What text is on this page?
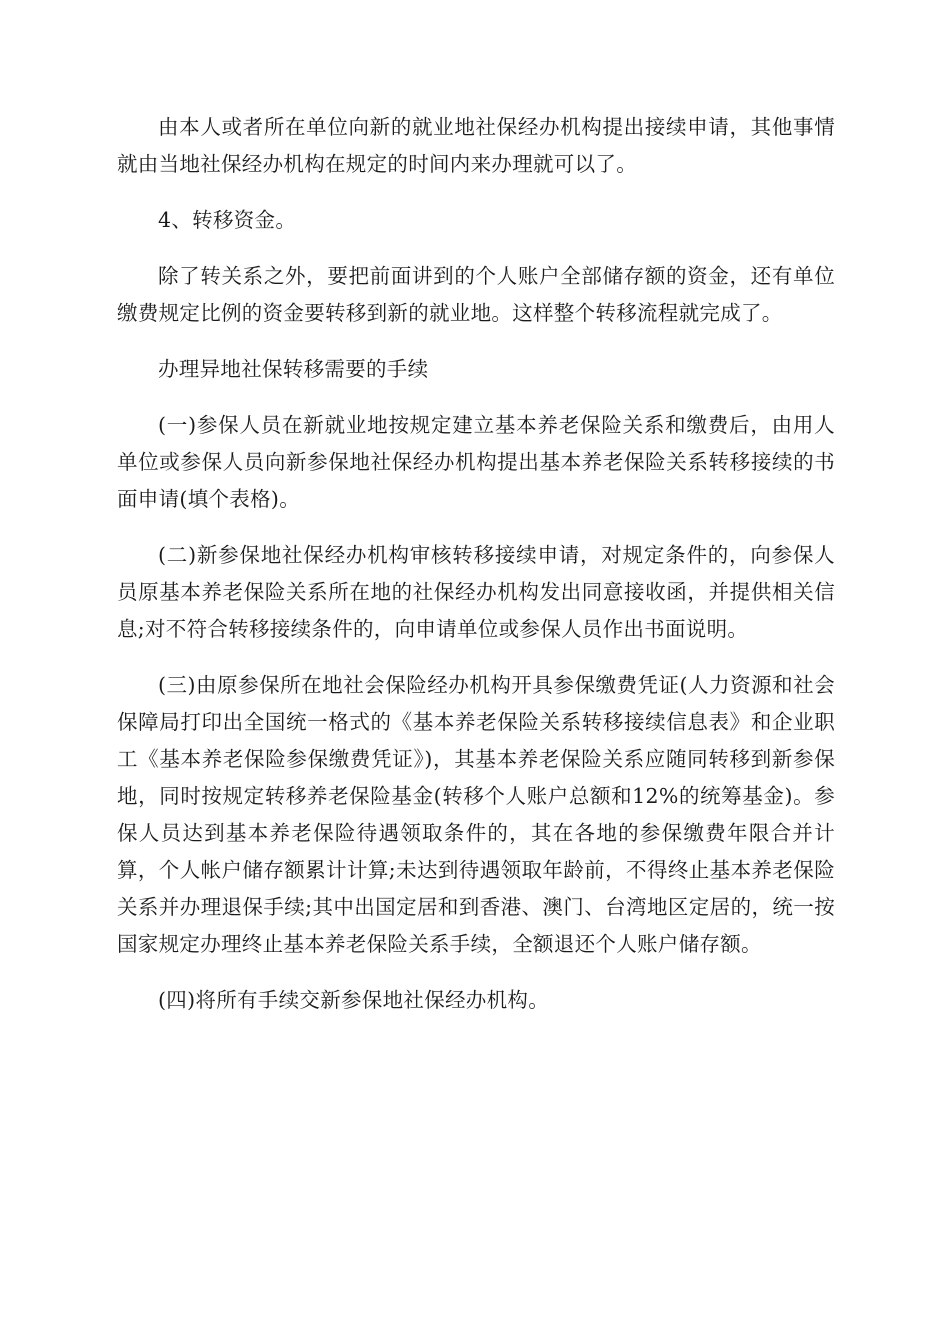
由本人或者所在单位向新的就业地社保经办机构提出接续申请，其他事情就由当地社保经办机构在规定的时间内来办理就可以了。

4、转移资金。

除了转关系之外，要把前面讲到的个人账户全部储存额的资金，还有单位缴费规定比例的资金要转移到新的就业地。这样整个转移流程就完成了。

办理异地社保转移需要的手续

(一)参保人员在新就业地按规定建立基本养老保险关系和缴费后，由用人单位或参保人员向新参保地社保经办机构提出基本养老保险关系转移接续的书面申请(填个表格)。

(二)新参保地社保经办机构审核转移接续申请，对规定条件的，向参保人员原基本养老保险关系所在地的社保经办机构发出同意接收函，并提供相关信息;对不符合转移接续条件的，向申请单位或参保人员作出书面说明。

(三)由原参保所在地社会保险经办机构开具参保缴费凭证(人力资源和社会保障局打印出全国统一格式的《基本养老保险关系转移接续信息表》和企业职工《基本养老保险参保缴费凭证》)，其基本养老保险关系应随同转移到新参保地，同时按规定转移养老保险基金(转移个人账户总额和12%的统筹基金)。参保人员达到基本养老保险待遇领取条件的，其在各地的参保缴费年限合并计算，个人帐户储存额累计计算;未达到待遇领取年龄前，不得终止基本养老保险关系并办理退保手续;其中出国定居和到香港、澳门、台湾地区定居的，统一按国家规定办理终止基本养老保险关系手续，全额退还个人账户储存额。

(四)将所有手续交新参保地社保经办机构。
